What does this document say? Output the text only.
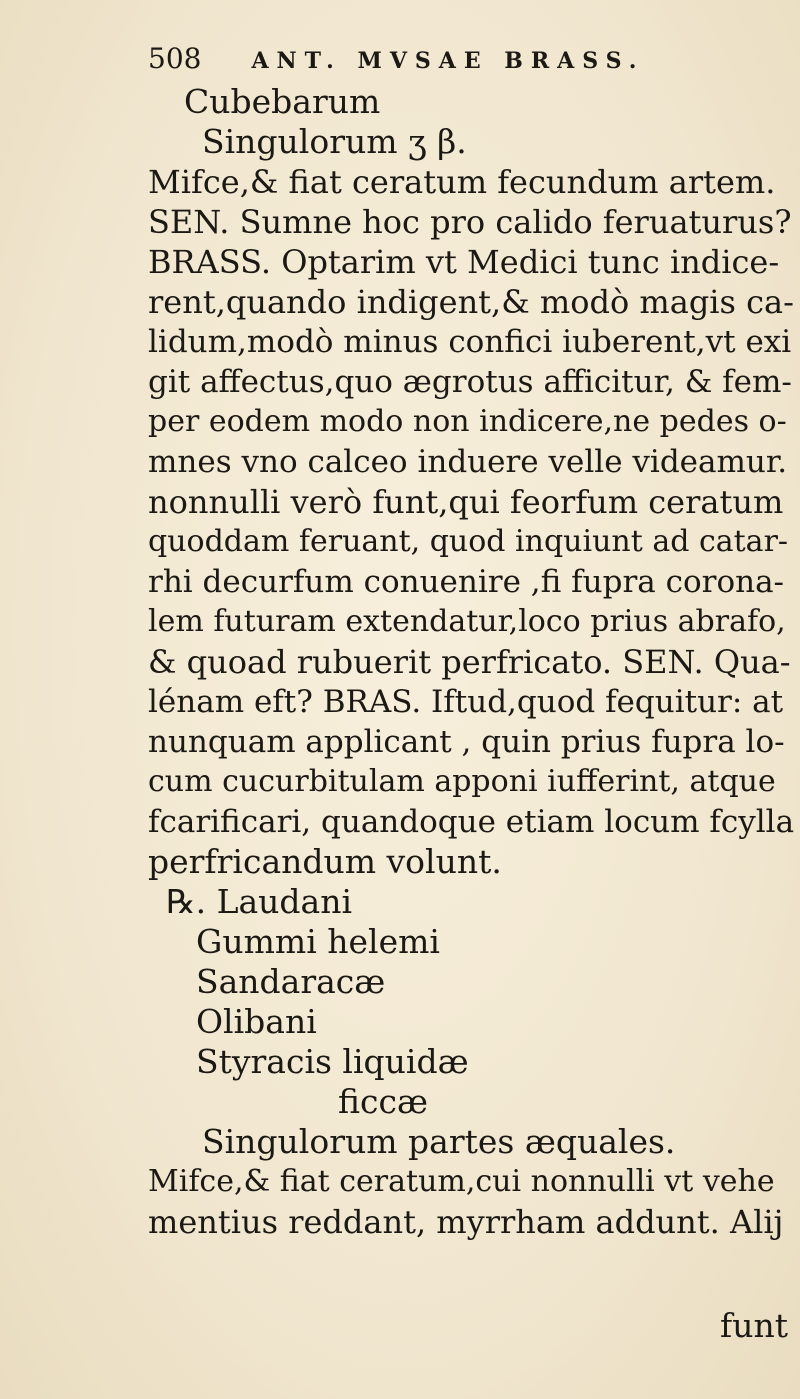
508 ANT. MVSAE BRASS.
Cubebarum
Singulorum ʒ β.
Mifce,& fiat ceratum fecundum artem.
SEN. Sumne hoc pro calido feruaturus?
BRASS. Optarim vt Medici tunc indice-
rent,quando indigent,& modò magis ca-
lidum,modò minus confici iuberent,vt exi
git affectus,quo ægrotus afficitur, & fem-
per eodem modo non indicere,ne pedes o-
mnes vno calceo induere velle videamur.
nonnulli verò funt,qui feorfum ceratum
quoddam feruant, quod inquiunt ad catar-
rhi decurfum conuenire ,fi fupra corona-
lem futuram extendatur,loco prius abrafo,
& quoad rubuerit perfricato. SEN. Qua-
lénam eft? BRAS. Iftud,quod fequitur: at
nunquam applicant , quin prius fupra lo-
cum cucurbitulam apponi iufferint, atque
fcarificari, quandoque etiam locum fcylla
perfricandum volunt.
℞. Laudani
Gummi helemi
Sandaracæ
Olibani
Styracis liquidæ
ficcæ
Singulorum partes æquales.
Mifce,& fiat ceratum,cui nonnulli vt vehe
mentius reddant, myrrham addunt. Alij
funt
